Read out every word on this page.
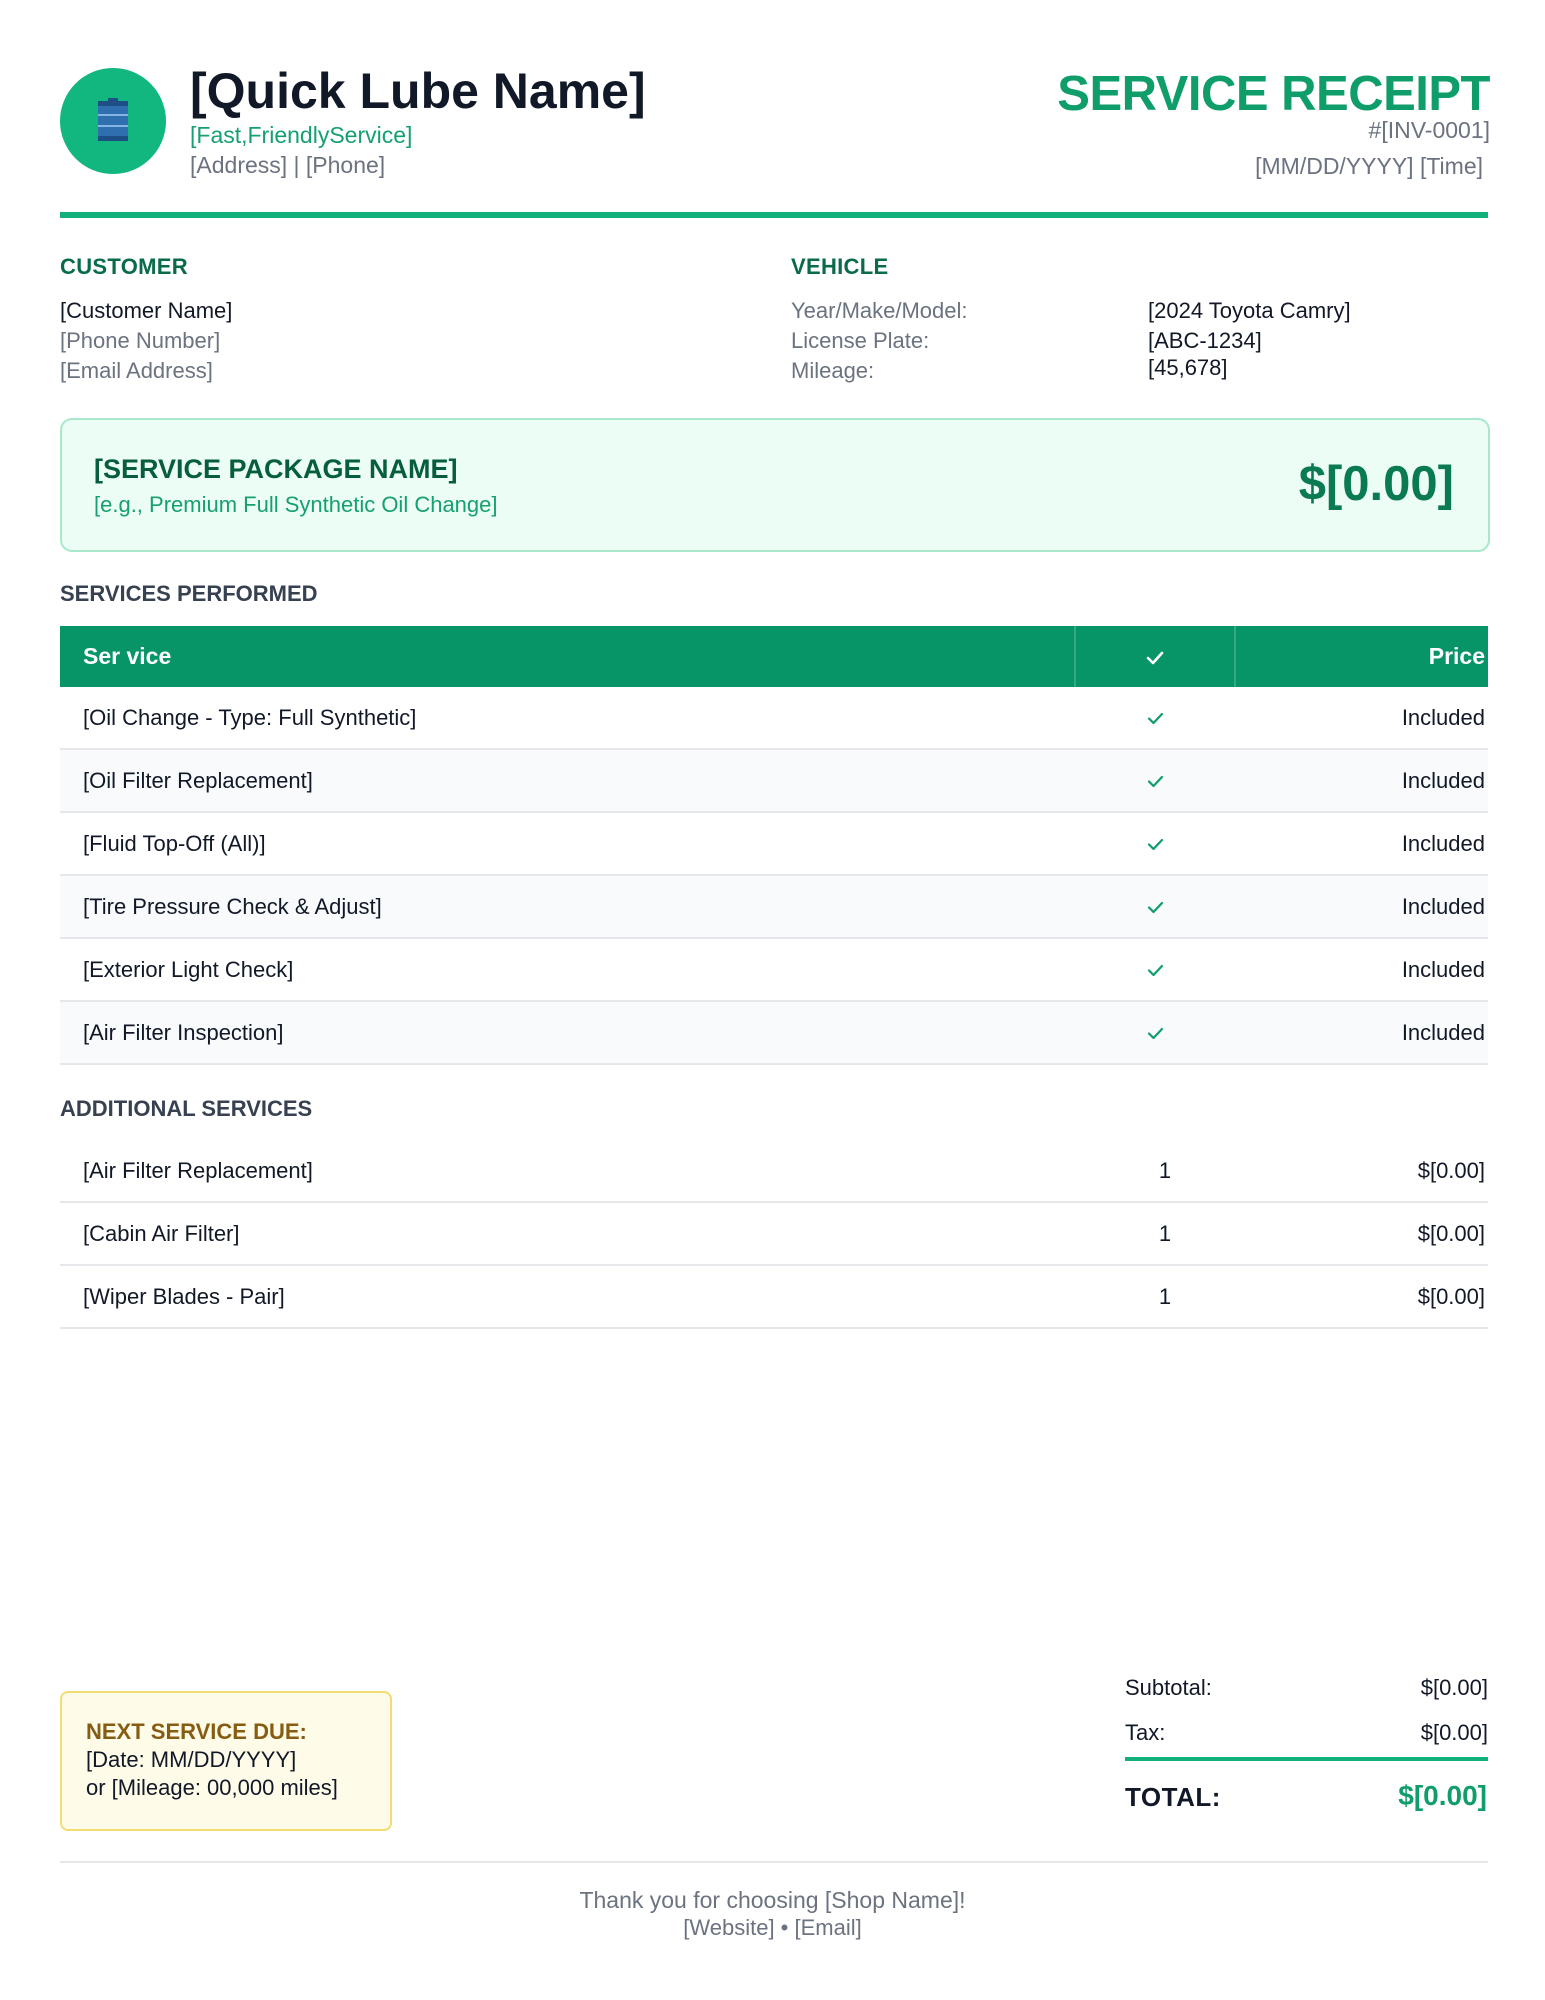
[Quick Lube Name]
[Fast,FriendlyService]
[Address] | [Phone]
SERVICE RECEIPT
#[INV-0001]
[MM/DD/YYYY] [Time]
CUSTOMER
[Customer Name]
[Phone Number]
[Email Address]
VEHICLE
Year/Make/Model:	[2024 Toyota Camry]
License Plate:	[ABC-1234]
Mileage:	[45,678]
[SERVICE PACKAGE NAME]
[e.g., Premium Full Synthetic Oil Change]	$[0.00]
SERVICES PERFORMED
Ser vice	Price
[Oil Change - Type: Full Synthetic]	Included
[Oil Filter Replacement]	Included
[Fluid Top-Off (All)]	Included
[Tire Pressure Check & Adjust]	Included
[Exterior Light Check]	Included
[Air Filter Inspection]	Included
ADDITIONAL SERVICES
[Air Filter Replacement]	1	$[0.00]
[Cabin Air Filter]	1	$[0.00]
[Wiper Blades - Pair]	1	$[0.00]
NEXT SERVICE DUE:
[Date: MM/DD/YYYY]
or [Mileage: 00,000 miles]
Subtotal:	$[0.00]
Tax:	$[0.00]
TOTAL:	$[0.00]
Thank you for choosing [Shop Name]!
[Website] • [Email]
